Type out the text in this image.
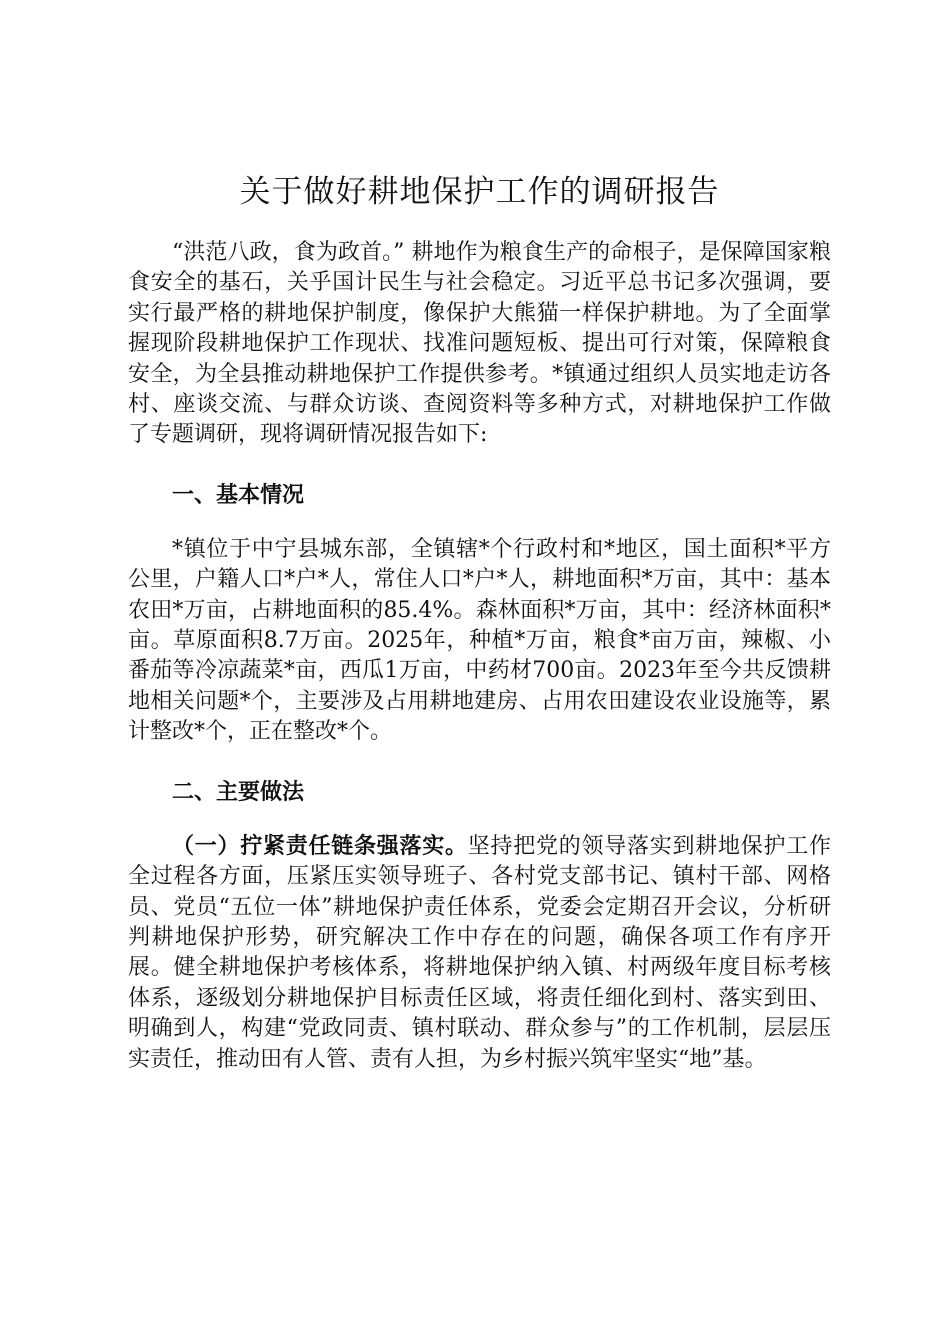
关于做好耕地保护工作的调研报告

“洪范八政，食为政首。” 耕地作为粮食生产的命根子，是保障国家粮食安全的基石，关乎国计民生与社会稳定。习近平总书记多次强调，要实行最严格的耕地保护制度，像保护大熊猫一样保护耕地。为了全面掌握现阶段耕地保护工作现状、找准问题短板、提出可行对策，保障粮食安全，为全县推动耕地保护工作提供参考。*镇通过组织人员实地走访各村、座谈交流、与群众访谈、查阅资料等多种方式，对耕地保护工作做了专题调研，现将调研情况报告如下:

一、基本情况

*镇位于中宁县城东部，全镇辖*个行政村和*地区，国土面积*平方公里，户籍人口*户*人，常住人口*户*人，耕地面积*万亩，其中：基本农田*万亩，占耕地面积的85.4%。森林面积*万亩，其中：经济林面积*亩。草原面积8.7万亩。2025年，种植*万亩，粮食*亩万亩，辣椒、小番茄等冷凉蔬菜*亩，西瓜1万亩，中药材700亩。2023年至今共反馈耕地相关问题*个，主要涉及占用耕地建房、占用农田建设农业设施等，累计整改*个，正在整改*个。

二、主要做法

（一）拧紧责任链条强落实。坚持把党的领导落实到耕地保护工作全过程各方面，压紧压实领导班子、各村党支部书记、镇村干部、网格员、党员“五位一体”耕地保护责任体系，党委会定期召开会议，分析研判耕地保护形势，研究解决工作中存在的问题，确保各项工作有序开展。健全耕地保护考核体系，将耕地保护纳入镇、村两级年度目标考核体系，逐级划分耕地保护目标责任区域，将责任细化到村、落实到田、明确到人，构建“党政同责、镇村联动、群众参与”的工作机制，层层压实责任，推动田有人管、责有人担，为乡村振兴筑牢坚实“地”基。
